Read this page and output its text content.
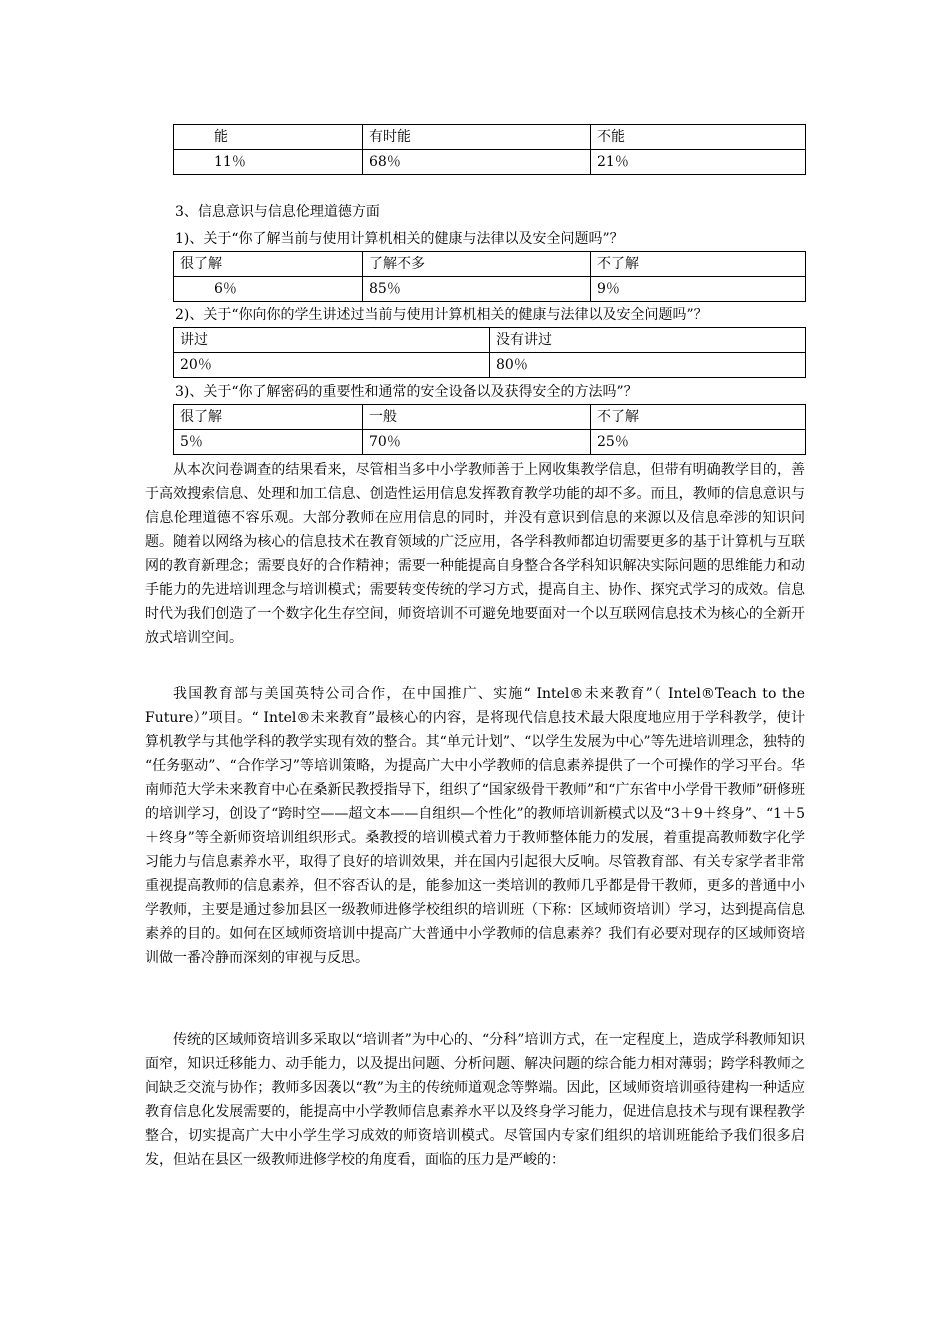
能	有时能	不能
11％	68％	21％
3、信息意识与信息伦理道德方面
1)、关于“你了解当前与使用计算机相关的健康与法律以及安全问题吗”？
很了解	了解不多	不了解
6％	85％	9％
2)、关于“你向你的学生讲述过当前与使用计算机相关的健康与法律以及安全问题吗”？
讲过	没有讲过
20％	80％
3)、关于“你了解密码的重要性和通常的安全设备以及获得安全的方法吗”？
很了解	一般	不了解
5％	70％	25％

从本次问卷调查的结果看来，尽管相当多中小学教师善于上网收集教学信息，但带有明确教学目的，善于高效搜索信息、处理和加工信息、创造性运用信息发挥教育教学功能的却不多。而且，教师的信息意识与信息伦理道德不容乐观。大部分教师在应用信息的同时，并没有意识到信息的来源以及信息牵涉的知识问题。随着以网络为核心的信息技术在教育领域的广泛应用，各学科教师都迫切需要更多的基于计算机与互联网的教育新理念；需要良好的合作精神；需要一种能提高自身整合各学科知识解决实际问题的思维能力和动手能力的先进培训理念与培训模式；需要转变传统的学习方式，提高自主、协作、探究式学习的成效。信息时代为我们创造了一个数字化生存空间，师资培训不可避免地要面对一个以互联网信息技术为核心的全新开放式培训空间。

我国教育部与美国英特公司合作，在中国推广、实施“ Intel®未来教育”（ Intel®Teach to the Future）”项目。“ Intel®未来教育”最核心的内容，是将现代信息技术最大限度地应用于学科教学，使计算机教学与其他学科的教学实现有效的整合。其“单元计划”、“以学生发展为中心”等先进培训理念，独特的 “任务驱动”、“合作学习”等培训策略，为提高广大中小学教师的信息素养提供了一个可操作的学习平台。华南师范大学未来教育中心在桑新民教授指导下，组织了“国家级骨干教师”和“广东省中小学骨干教师”研修班的培训学习，创设了“跨时空——超文本——自组织—个性化”的教师培训新模式以及“3＋9＋终身”、“1＋5＋终身”等全新师资培训组织形式。桑教授的培训模式着力于教师整体能力的发展，着重提高教师数字化学习能力与信息素养水平，取得了良好的培训效果，并在国内引起很大反响。尽管教育部、有关专家学者非常重视提高教师的信息素养，但不容否认的是，能参加这一类培训的教师几乎都是骨干教师，更多的普通中小学教师，主要是通过参加县区一级教师进修学校组织的培训班（下称：区域师资培训）学习，达到提高信息素养的目的。如何在区域师资培训中提高广大普通中小学教师的信息素养？我们有必要对现存的区域师资培训做一番冷静而深刻的审视与反思。

传统的区域师资培训多采取以“培训者”为中心的、“分科”培训方式，在一定程度上，造成学科教师知识面窄，知识迁移能力、动手能力，以及提出问题、分析问题、解决问题的综合能力相对薄弱；跨学科教师之间缺乏交流与协作；教师多因袭以“教”为主的传统师道观念等弊端。因此，区域师资培训亟待建构一种适应教育信息化发展需要的，能提高中小学教师信息素养水平以及终身学习能力，促进信息技术与现有课程教学整合，切实提高广大中小学生学习成效的师资培训模式。尽管国内专家们组织的培训班能给予我们很多启发，但站在县区一级教师进修学校的角度看，面临的压力是严峻的：
